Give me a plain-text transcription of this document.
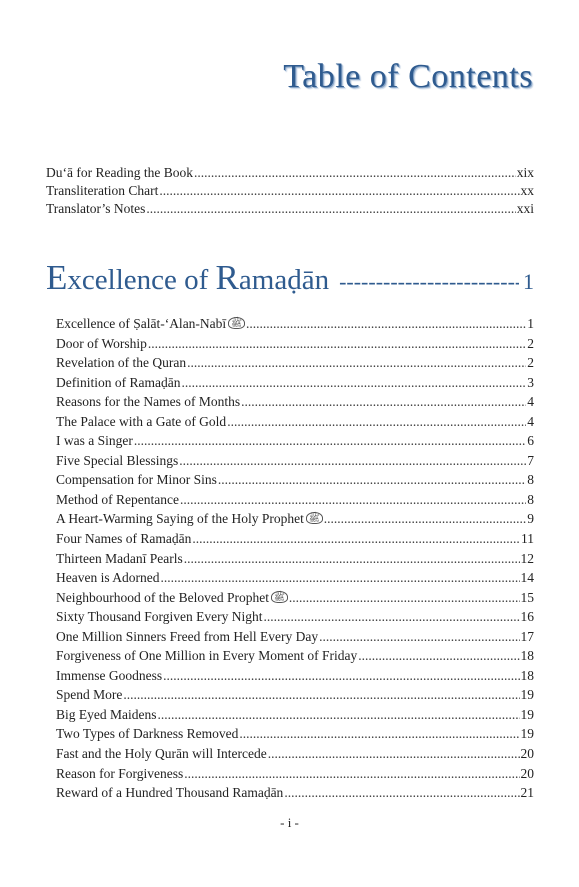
Table of Contents
Du‘ā for Reading the Book .....	xix
Transliteration Chart .....	xx
Translator’s Notes .....	xxi
Excellence of Ramaḍān -----	1
Excellence of Ṣalāt-‘Alan-Nabī ﷺ .....	1
Door of Worship .....	2
Revelation of the Quran .....	2
Definition of Ramaḍān .....	3
Reasons for the Names of Months .....	4
The Palace with a Gate of Gold .....	4
I was a Singer .....	6
Five Special Blessings .....	7
Compensation for Minor Sins .....	8
Method of Repentance .....	8
A Heart-Warming Saying of the Holy Prophet ﷺ .....	9
Four Names of Ramaḍān .....	11
Thirteen Madanī Pearls .....	12
Heaven is Adorned .....	14
Neighbourhood of the Beloved Prophet ﷺ .....	15
Sixty Thousand Forgiven Every Night .....	16
One Million Sinners Freed from Hell Every Day .....	17
Forgiveness of One Million in Every Moment of Friday .....	18
Immense Goodness .....	18
Spend More .....	19
Big Eyed Maidens .....	19
Two Types of Darkness Removed .....	19
Fast and the Holy Qurān will Intercede .....	20
Reason for Forgiveness .....	20
Reward of a Hundred Thousand Ramaḍān .....	21
- i -
